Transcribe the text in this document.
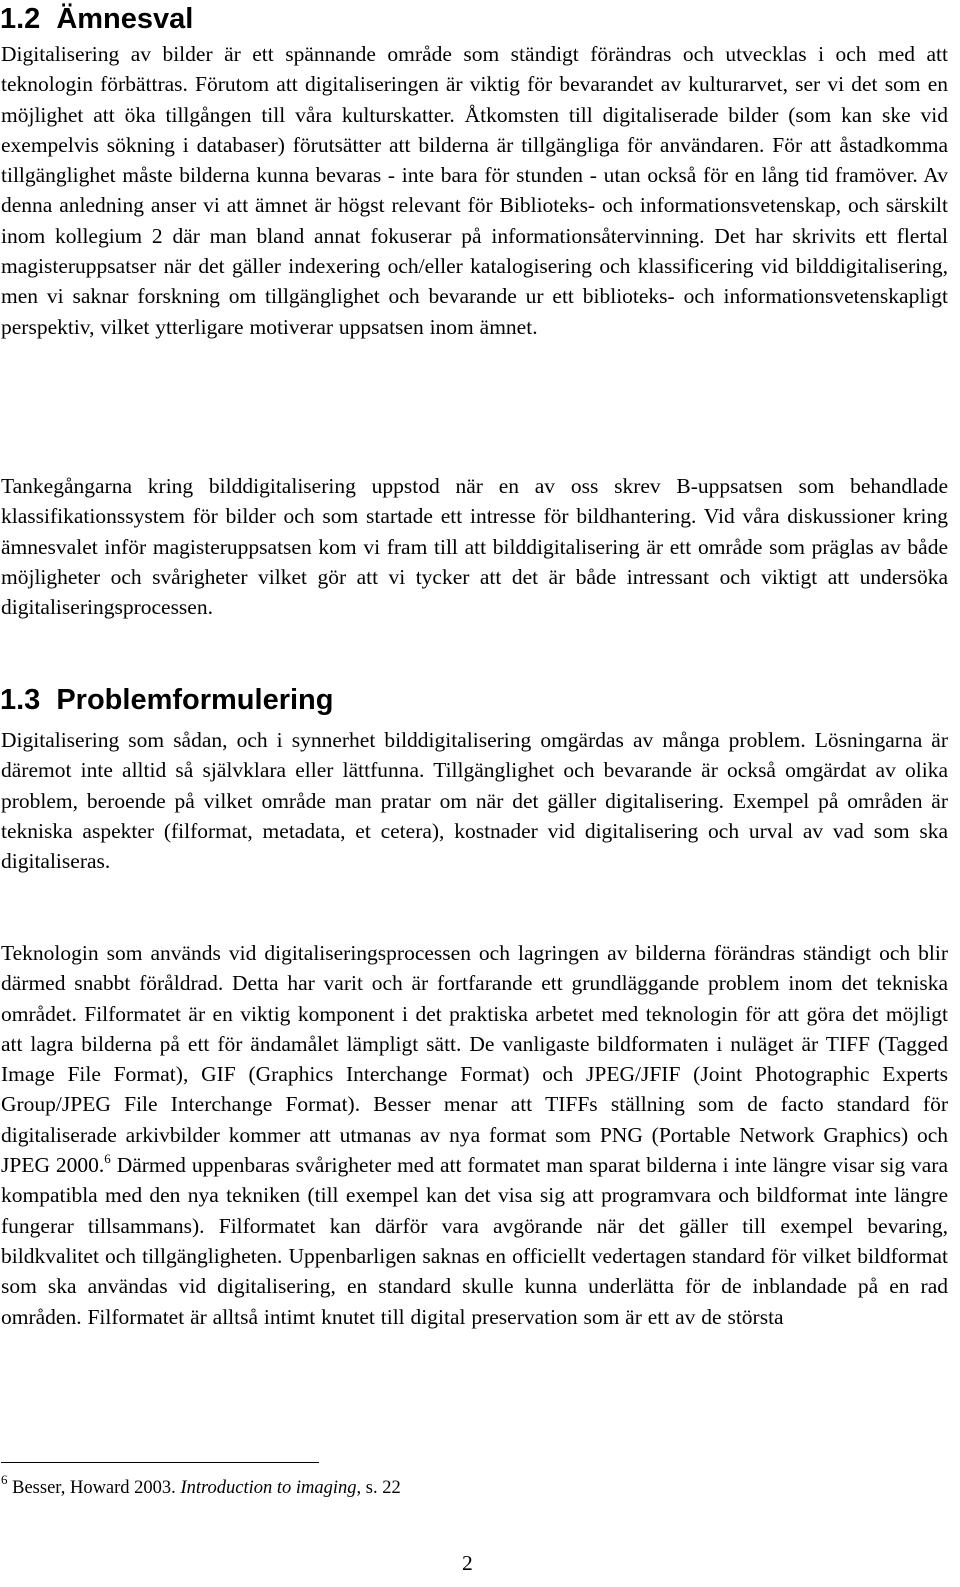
1.2 Ämnesval

Digitalisering av bilder är ett spännande område som ständigt förändras och utvecklas i och med att teknologin förbättras. Förutom att digitaliseringen är viktig för bevarandet av kulturarvet, ser vi det som en möjlighet att öka tillgången till våra kulturskatter. Åtkomsten till digitaliserade bilder (som kan ske vid exempelvis sökning i databaser) förutsätter att bilderna är tillgängliga för användaren. För att åstadkomma tillgänglighet måste bilderna kunna bevaras - inte bara för stunden - utan också för en lång tid framöver. Av denna anledning anser vi att ämnet är högst relevant för Biblioteks- och informationsvetenskap, och särskilt inom kollegium 2 där man bland annat fokuserar på informationsåtervinning. Det har skrivits ett flertal magisteruppsatser när det gäller indexering och/eller katalogisering och klassificering vid bilddigitalisering, men vi saknar forskning om tillgänglighet och bevarande ur ett biblioteks- och informationsvetenskapligt perspektiv, vilket ytterligare motiverar uppsatsen inom ämnet.

Tankegångarna kring bilddigitalisering uppstod när en av oss skrev B-uppsatsen som behandlade klassifikationssystem för bilder och som startade ett intresse för bildhantering. Vid våra diskussioner kring ämnesvalet inför magisteruppsatsen kom vi fram till att bilddigitalisering är ett område som präglas av både möjligheter och svårigheter vilket gör att vi tycker att det är både intressant och viktigt att undersöka digitaliseringsprocessen.

1.3 Problemformulering

Digitalisering som sådan, och i synnerhet bilddigitalisering omgärdas av många problem. Lösningarna är däremot inte alltid så självklara eller lättfunna. Tillgänglighet och bevarande är också omgärdat av olika problem, beroende på vilket område man pratar om när det gäller digitalisering. Exempel på områden är tekniska aspekter (filformat, metadata, et cetera), kostnader vid digitalisering och urval av vad som ska digitaliseras.

Teknologin som används vid digitaliseringsprocessen och lagringen av bilderna förändras ständigt och blir därmed snabbt föråldrad. Detta har varit och är fortfarande ett grundläggande problem inom det tekniska området. Filformatet är en viktig komponent i det praktiska arbetet med teknologin för att göra det möjligt att lagra bilderna på ett för ändamålet lämpligt sätt. De vanligaste bildformaten i nuläget är TIFF (Tagged Image File Format), GIF (Graphics Interchange Format) och JPEG/JFIF (Joint Photographic Experts Group/JPEG File Interchange Format). Besser menar att TIFFs ställning som de facto standard för digitaliserade arkivbilder kommer att utmanas av nya format som PNG (Portable Network Graphics) och JPEG 2000.$^6$ Därmed uppenbaras svårigheter med att formatet man sparat bilderna i inte längre visar sig vara kompatibla med den nya tekniken (till exempel kan det visa sig att programvara och bildformat inte längre fungerar tillsammans). Filformatet kan därför vara avgörande när det gäller till exempel bevaring, bildkvalitet och tillgängligheten. Uppenbarligen saknas en officiellt vedertagen standard för vilket bildformat som ska användas vid digitalisering, en standard skulle kunna underlätta för de inblandade på en rad områden. Filformatet är alltså intimt knutet till digital preservation som är ett av de största

$^6$ Besser, Howard 2003. Introduction to imaging, s. 22
2
